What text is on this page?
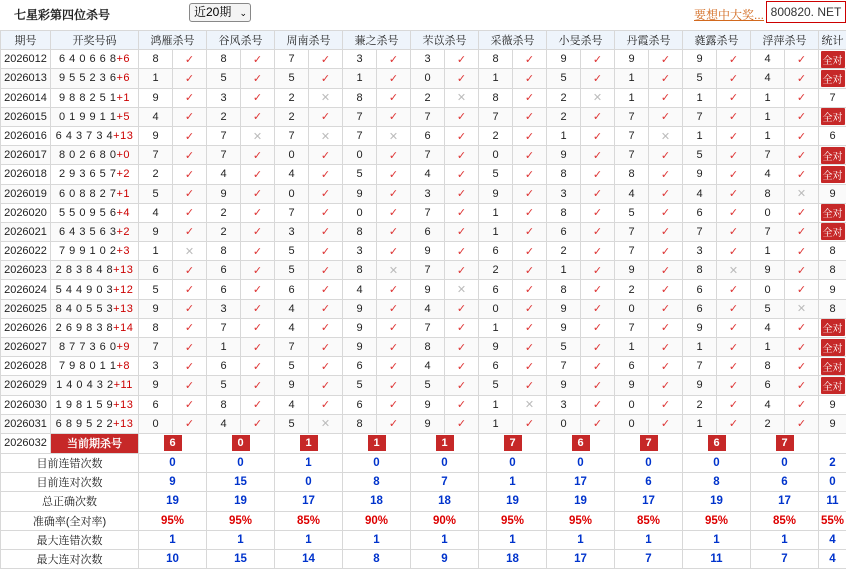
七星彩第四位杀号	近20期 ⌄	要想中大奖... 800820. NET
期号	开奖号码	鸿雁杀号		谷风杀号		周南杀号		蒹之杀号		芣苡杀号		采薇杀号		小旻杀号		丹霞杀号		蕤露杀号		浮萍杀号		统计
2026012	6 4 0 6 6 8+6	8	✓	8	✓	7	✓	3	✓	3	✓	8	✓	9	✓	9	✓	9	✓	4	✓	全对
2026013	9 5 5 2 3 6+6	1	✓	5	✓	5	✓	1	✓	0	✓	1	✓	5	✓	1	✓	5	✓	4	✓	全对
2026014	9 8 8 2 5 1+1	9	✓	3	✓	2	✕	8	✓	2	✕	8	✓	2	✕	1	✓	1	✓	1	✓	7
2026015	0 1 9 9 1 1+5	4	✓	2	✓	2	✓	7	✓	7	✓	7	✓	2	✓	7	✓	7	✓	1	✓	全对
2026016	6 4 3 7 3 4+13	9	✓	7	✕	7	✕	7	✕	6	✓	2	✓	1	✓	7	✕	1	✓	1	✓	6
2026017	8 0 2 6 8 0+0	7	✓	7	✓	0	✓	0	✓	7	✓	0	✓	9	✓	7	✓	5	✓	7	✓	全对
2026018	2 9 3 6 5 7+2	2	✓	4	✓	4	✓	5	✓	4	✓	5	✓	8	✓	8	✓	9	✓	4	✓	全对
2026019	6 0 8 8 2 7+1	5	✓	9	✓	0	✓	9	✓	3	✓	9	✓	3	✓	4	✓	4	✓	8	✕	9
2026020	5 5 0 9 5 6+4	4	✓	2	✓	7	✓	0	✓	7	✓	1	✓	8	✓	5	✓	6	✓	0	✓	全对
2026021	6 4 3 5 6 3+2	9	✓	2	✓	3	✓	8	✓	6	✓	1	✓	6	✓	7	✓	7	✓	7	✓	全对
2026022	7 9 9 1 0 2+3	1	✕	8	✓	5	✓	3	✓	9	✓	6	✓	2	✓	7	✓	3	✓	1	✓	8
2026023	2 8 3 8 4 8+13	6	✓	6	✓	5	✓	8	✕	7	✓	2	✓	1	✓	9	✓	8	✕	9	✓	8
2026024	5 4 4 9 0 3+12	5	✓	6	✓	6	✓	4	✓	9	✕	6	✓	8	✓	2	✓	6	✓	0	✓	9
2026025	8 4 0 5 5 3+13	9	✓	3	✓	4	✓	9	✓	4	✓	0	✓	9	✓	0	✓	6	✓	5	✕	8
2026026	2 6 9 8 3 8+14	8	✓	7	✓	4	✓	9	✓	7	✓	1	✓	9	✓	7	✓	9	✓	4	✓	全对
2026027	8 7 7 3 6 0+9	7	✓	1	✓	7	✓	9	✓	8	✓	9	✓	5	✓	1	✓	1	✓	1	✓	全对
2026028	7 9 8 0 1 1+8	3	✓	6	✓	5	✓	6	✓	4	✓	6	✓	7	✓	6	✓	7	✓	8	✓	全对
2026029	1 4 0 4 3 2+11	9	✓	5	✓	9	✓	5	✓	5	✓	5	✓	9	✓	9	✓	9	✓	6	✓	全对
2026030	1 9 8 1 5 9+13	6	✓	8	✓	4	✓	6	✓	9	✓	1	✕	3	✓	0	✓	2	✓	4	✓	9
2026031	6 8 9 5 2 2+13	0	✓	4	✓	5	✕	8	✓	9	✓	1	✓	0	✓	0	✓	1	✓	2	✓	9
2026032	当前期杀号	6		0		1		1		1		7		6		7		6		7		
目前连错次数		0		0		1		0		0		0		0		0		0		0		2
目前连对次数		9		15		0		8		7		1		17		6		8		6		0
总正确次数		19		19		17		18		18		19		19		17		19		17		11
准确率(全对率)		95%		95%		85%		90%		90%		95%		95%		85%		95%		85%		55%
最大连错次数		1		1		1		1		1		1		1		1		1		1		4
最大连对次数		10		15		14		8		9		18		17		7		11		7		4
